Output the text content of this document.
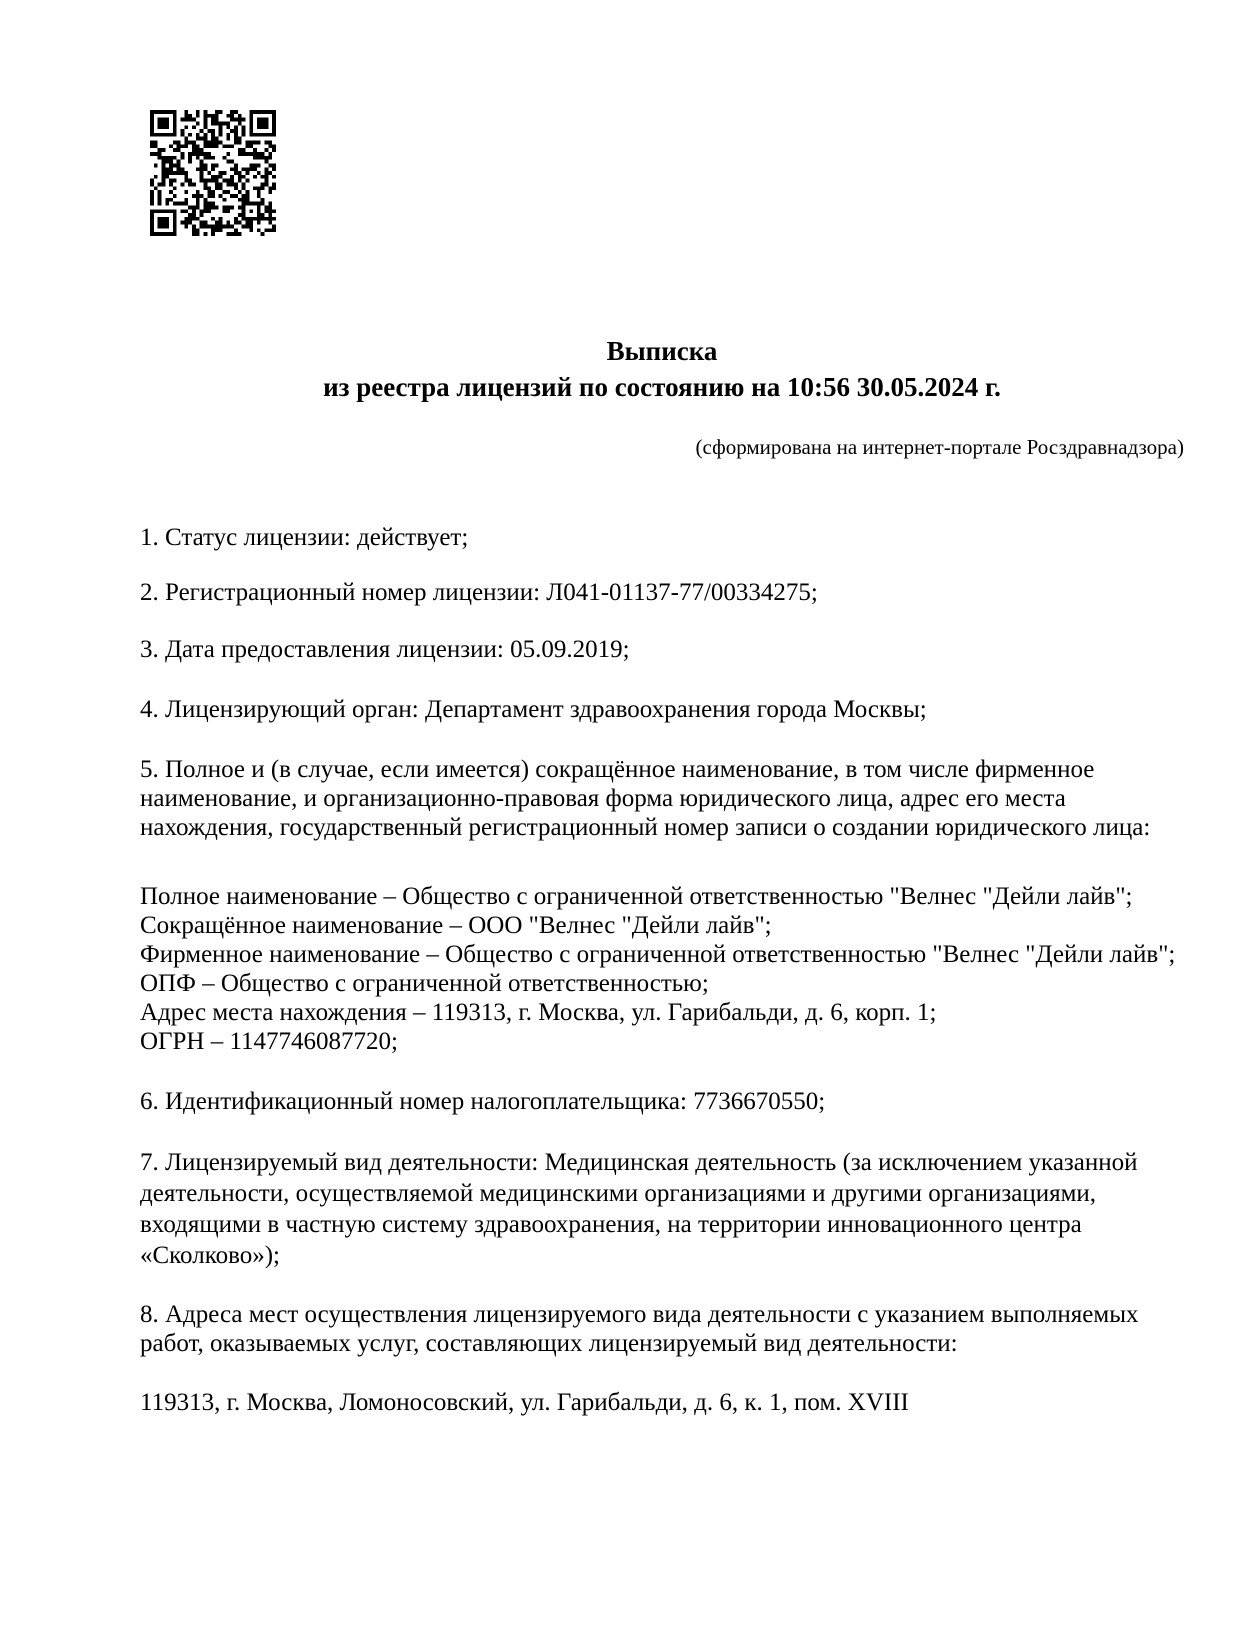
Выписка
из реестра лицензий по состоянию на 10:56 30.05.2024 г.
(сформирована на интернет-портале Росздравнадзора)
1. Статус лицензии: действует;
2. Регистрационный номер лицензии: Л041-01137-77/00334275;
3. Дата предоставления лицензии: 05.09.2019;
4. Лицензирующий орган: Департамент здравоохранения города Москвы;
5. Полное и (в случае, если имеется) сокращённое наименование, в том числе фирменное
наименование, и организационно-правовая форма юридического лица, адрес его места
нахождения, государственный регистрационный номер записи о создании юридического лица:
Полное наименование – Общество с ограниченной ответственностью "Велнес "Дейли лайв";
Сокращённое наименование – ООО "Велнес "Дейли лайв";
Фирменное наименование – Общество с ограниченной ответственностью "Велнес "Дейли лайв";
ОПФ – Общество с ограниченной ответственностью;
Адрес места нахождения – 119313, г. Москва, ул. Гарибальди, д. 6, корп. 1;
ОГРН – 1147746087720;
6. Идентификационный номер налогоплательщика: 7736670550;
7. Лицензируемый вид деятельности: Медицинская деятельность (за исключением указанной
деятельности, осуществляемой медицинскими организациями и другими организациями,
входящими в частную систему здравоохранения, на территории инновационного центра
«Сколково»);
8. Адреса мест осуществления лицензируемого вида деятельности с указанием выполняемых
работ, оказываемых услуг, составляющих лицензируемый вид деятельности:
119313, г. Москва, Ломоносовский, ул. Гарибальди, д. 6, к. 1, пом. XVIII
